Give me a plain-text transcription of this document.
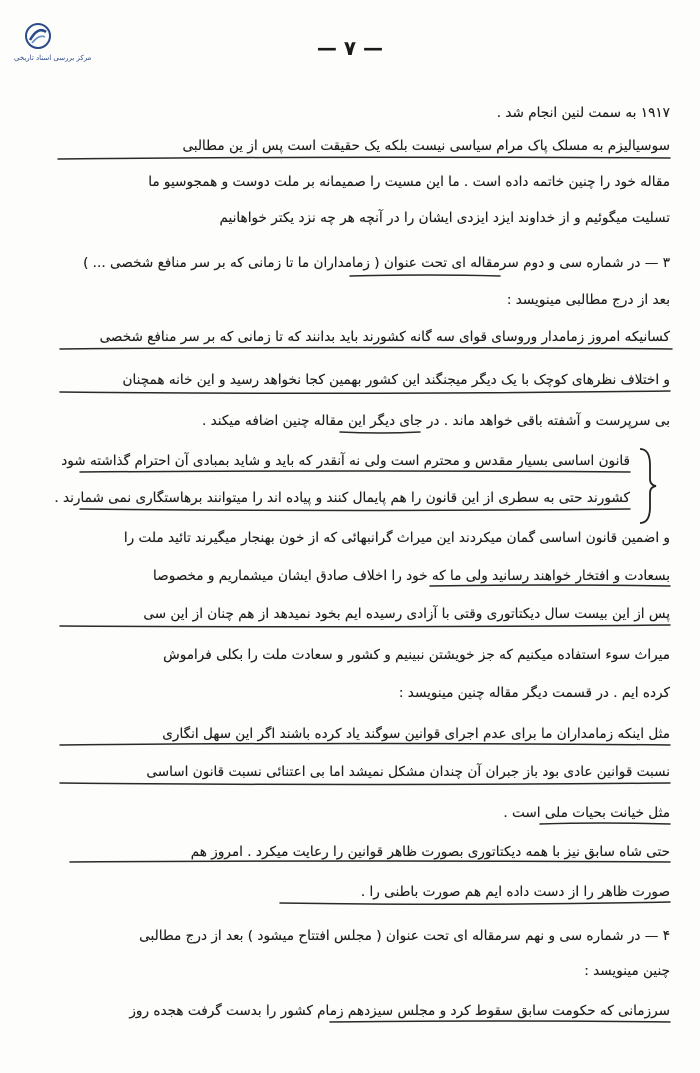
مرکز بررسی اسناد تاریخی	— ۷ —
۱۹۱۷ به سمت لنین انجام شد .
سوسیالیزم به مسلک پاک مرام سیاسی نیست بلکه یک حقیقت است پس از ین مطالبی
مقاله خود را چنین خاتمه داده است . ما این مسیت را صمیمانه بر ملت دوست و همجوسیو ما
تسلیت میگوئیم و از خداوند ایزد ایزدی ایشان را در آنچه هر چه نزد یکتر خواهانیم
۳ — در شماره سی و دوم سرمقاله ای تحت عنوان ( زمامداران ما تا زمانی که بر سر منافع شخصی ... )
بعد از درج مطالبی مینویسد :
کسانیکه امروز زمامدار وروسای قوای سه گانه کشورند باید بدانند که تا زمانی که بر سر منافع شخصی
و اختلاف نظرهای کوچک با یک دیگر میجنگند این کشور بهمین کجا نخواهد رسید و این خانه همچنان
بی سرپرست و آشفته باقی خواهد ماند . در جای دیگر این مقاله چنین اضافه میکند .
قانون اساسی بسیار مقدس و محترم است ولی نه آنقدر که باید و شاید بمبادی آن احترام گذاشته شود
کشورند حتی به سطری از این قانون را هم پایمال کنند و پیاده اند را میتوانند برهاستگاری نمی شمارند .
و اضمین قانون اساسی گمان میکردند این میراث گرانبهائی که از خون بهنجار میگیرند تائید ملت را
بسعادت و افتخار خواهند رسانید ولی ما که خود را اخلاف صادق ایشان میشماریم و مخصوصا
پس از این بیست سال دیکتاتوری وقتی با آزادی رسیده ایم بخود نمیدهد از هم چنان از این سی
میراث سوء استفاده میکنیم که جز خویشتن نبینیم و کشور و سعادت ملت را بکلی فراموش
کرده ایم . در قسمت دیگر مقاله چنین مینویسد :
مثل اینکه زمامداران ما برای عدم اجرای قوانین سوگند یاد کرده باشند اگر این سهل انگاری
نسبت قوانین عادی بود باز جبران آن چندان مشکل نمیشد اما بی اعتنائی نسبت قانون اساسی
مثل خیانت بحیات ملی است .
حتی شاه سابق نیز با همه دیکتاتوری بصورت ظاهر قوانین را رعایت میکرد . امروز هم
صورت ظاهر را از دست داده ایم هم صورت باطنی را .
۴ — در شماره سی و نهم سرمقاله ای تحت عنوان ( مجلس افتتاح میشود ) بعد از درج مطالبی
چنین مینویسد :
سرزمانی که حکومت سابق سقوط کرد و مجلس سیزدهم زمام کشور را بدست گرفت هجده روز
